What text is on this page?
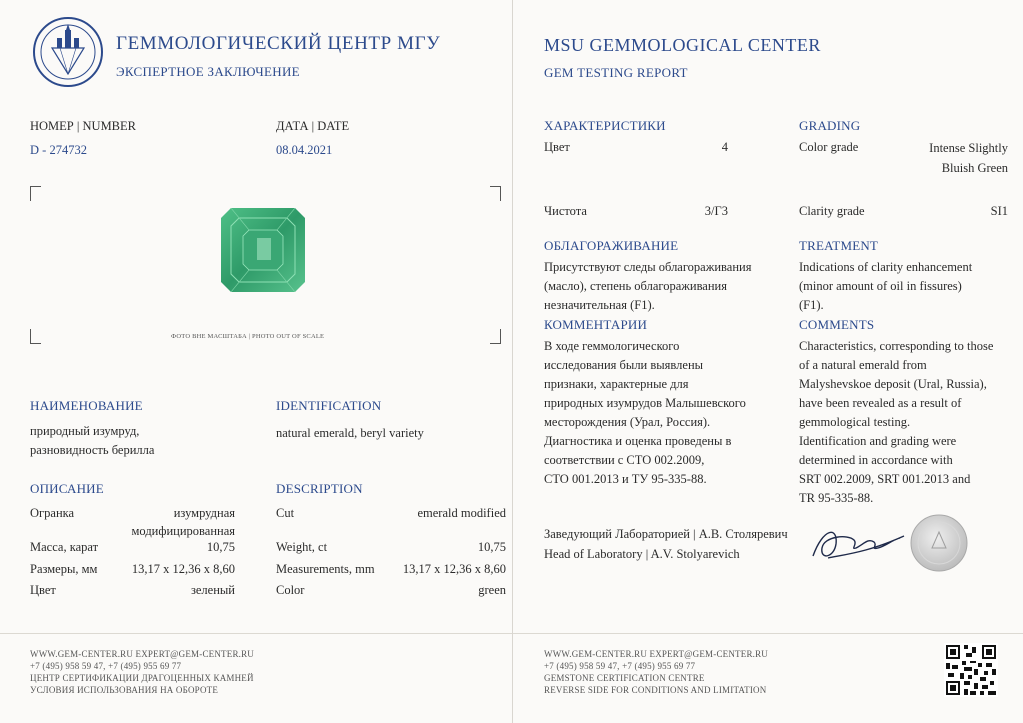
ГЕММОЛОГИЧЕСКИЙ ЦЕНТР МГУ
ЭКСПЕРТНОЕ ЗАКЛЮЧЕНИЕ
НОМЕР | NUMBER
D - 274732
ДАТА | DATE
08.04.2021
ФОТО ВНЕ МАСШТАБА | PHOTO OUT OF SCALE
НАИМЕНОВАНИЕ
природный изумруд,
разновидность берилла
IDENTIFICATION
natural emerald, beryl variety
ОПИСАНИЕ	DESCRIPTION
Огранка	изумрудная
модифицированная
Масса, карат	10,75
Размеры, мм	13,17 x 12,36 x 8,60
Цвет	зеленый
Cut	emerald modified
Weight, ct	10,75
Measurements, mm	13,17 x 12,36 x 8,60
Color	green
WWW.GEM-CENTER.RU EXPERT@GEM-CENTER.RU
+7 (495) 958 59 47, +7 (495) 955 69 77
ЦЕНТР СЕРТИФИКАЦИИ ДРАГОЦЕННЫХ КАМНЕЙ
УСЛОВИЯ ИСПОЛЬЗОВАНИЯ НА ОБОРОТЕ
MSU GEMMOLOGICAL CENTER
GEM TESTING REPORT
ХАРАКТЕРИСТИКИ	GRADING
Цвет	4	Color grade	Intense Slightly
Bluish Green
Чистота	3/Г3	Clarity grade	SI1
ОБЛАГОРАЖИВАНИЕ
Присутствуют следы облагораживания
(масло), степень облагораживания
незначительная (F1).
TREATMENT
Indications of clarity enhancement
(minor amount of oil in fissures)
(F1).
КОММЕНТАРИИ
В ходе геммологического
исследования были выявлены
признаки, характерные для
природных изумрудов Малышевского
месторождения (Урал, Россия).
Диагностика и оценка проведены в
соответствии с СТО 002.2009,
СТО 001.2013 и ТУ 95-335-88.
COMMENTS
Characteristics, corresponding to those
of a natural emerald from
Malyshevskoe deposit (Ural, Russia),
have been revealed as a result of
gemmological testing.
Identification and grading were
determined in accordance with
SRT 002.2009, SRT 001.2013 and
TR 95-335-88.
Заведующий Лабораторией | А.В. Столяревич
Head of Laboratory | A.V. Stolyarevich
WWW.GEM-CENTER.RU EXPERT@GEM-CENTER.RU
+7 (495) 958 59 47, +7 (495) 955 69 77
GEMSTONE CERTIFICATION CENTRE
REVERSE SIDE FOR CONDITIONS AND LIMITATION
